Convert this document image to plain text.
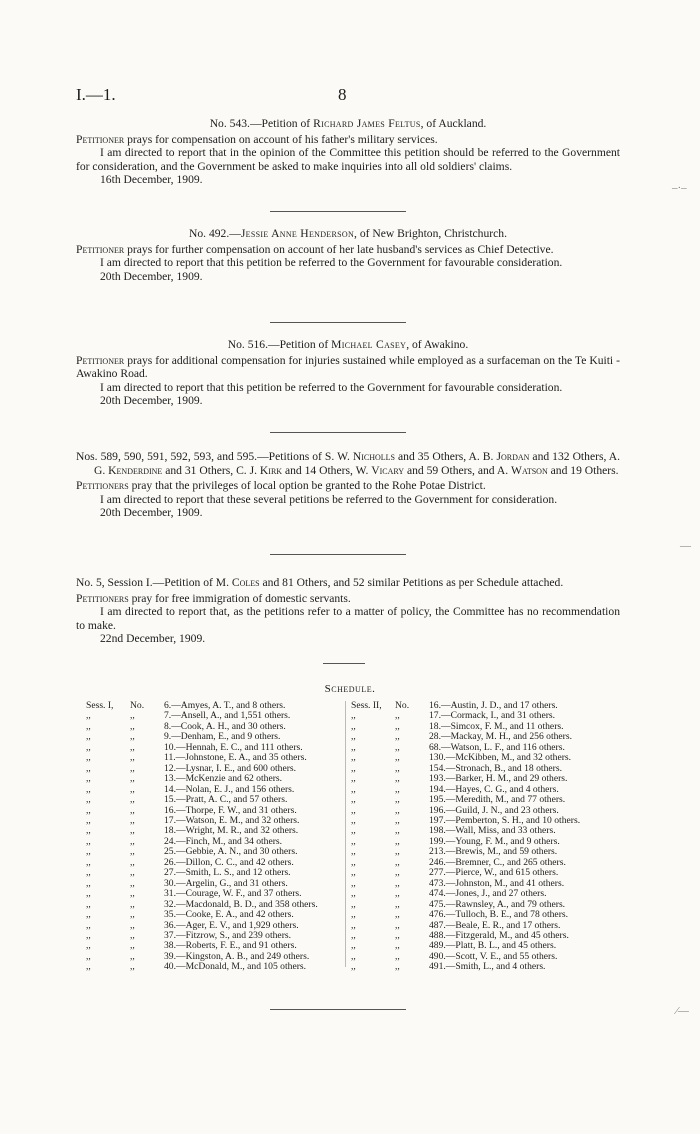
I.—1.	8
No. 543.—Petition of Richard James Feltus, of Auckland.
Petitioner prays for compensation on account of his father's military services.
I am directed to report that in the opinion of the Committee this petition should be referred to the Government for consideration, and the Government be asked to make inquiries into all old soldiers' claims.
16th December, 1909.
No. 492.—Jessie Anne Henderson, of New Brighton, Christchurch.
Petitioner prays for further compensation on account of her late husband's services as Chief Detective.
I am directed to report that this petition be referred to the Government for favourable consideration.
20th December, 1909.
No. 516.—Petition of Michael Casey, of Awakino.
Petitioner prays for additional compensation for injuries sustained while employed as a surfaceman on the Te Kuiti - Awakino Road.
I am directed to report that this petition be referred to the Government for favourable consideration.
20th December, 1909.
Nos. 589, 590, 591, 592, 593, and 595.—Petitions of S. W. Nicholls and 35 Others, A. B. Jordan and 132 Others, A. G. Kenderdine and 31 Others, C. J. Kirk and 14 Others, W. Vicary and 59 Others, and A. Watson and 19 Others.
Petitioners pray that the privileges of local option be granted to the Rohe Potae District.
I am directed to report that these several petitions be referred to the Government for consideration.
20th December, 1909.
No. 5, Session I.—Petition of M. Coles and 81 Others, and 52 similar Petitions as per Schedule attached.
Petitioners pray for free immigration of domestic servants.
I am directed to report that, as the petitions refer to a matter of policy, the Committee has no recommendation to make.
22nd December, 1909.
Schedule.
Sess. I,	No.	6.—Amyes, A. T., and 8 others.
,,	,,	7.—Ansell, A., and 1,551 others.
,,	,,	8.—Cook, A. H., and 30 others.
,,	,,	9.—Denham, E., and 9 others.
,,	,,	10.—Hennah, E. C., and 111 others.
,,	,,	11.—Johnstone, E. A., and 35 others.
,,	,,	12.—Lysnar, I. E., and 600 others.
,,	,,	13.—McKenzie and 62 others.
,,	,,	14.—Nolan, E. J., and 156 others.
,,	,,	15.—Pratt, A. C., and 57 others.
,,	,,	16.—Thorpe, F. W., and 31 others.
,,	,,	17.—Watson, E. M., and 32 others.
,,	,,	18.—Wright, M. R., and 32 others.
,,	,,	24.—Finch, M., and 34 others.
,,	,,	25.—Gebbie, A. N., and 30 others.
,,	,,	26.—Dillon, C. C., and 42 others.
,,	,,	27.—Smith, L. S., and 12 others.
,,	,,	30.—Argelin, G., and 31 others.
,,	,,	31.—Courage, W. F., and 37 others.
,,	,,	32.—Macdonald, B. D., and 358 others.
,,	,,	35.—Cooke, E. A., and 42 others.
,,	,,	36.—Ager, E. V., and 1,929 others.
,,	,,	37.—Fitzrow, S., and 239 others.
,,	,,	38.—Roberts, F. E., and 91 others.
,,	,,	39.—Kingston, A. B., and 249 others.
,,	,,	40.—McDonald, M., and 105 others.
Sess. II,	No.	16.—Austin, J. D., and 17 others.
,,	,,	17.—Cormack, I., and 31 others.
,,	,,	18.—Simcox, F. M., and 11 others.
,,	,,	28.—Mackay, M. H., and 256 others.
,,	,,	68.—Watson, L. F., and 116 others.
,,	,,	130.—McKibben, M., and 32 others.
,,	,,	154.—Stronach, B., and 18 others.
,,	,,	193.—Barker, H. M., and 29 others.
,,	,,	194.—Hayes, C. G., and 4 others.
,,	,,	195.—Meredith, M., and 77 others.
,,	,,	196.—Guild, J. N., and 23 others.
,,	,,	197.—Pemberton, S. H., and 10 others.
,,	,,	198.—Wall, Miss, and 33 others.
,,	,,	199.—Young, F. M., and 9 others.
,,	,,	213.—Brewis, M., and 59 others.
,,	,,	246.—Bremner, C., and 265 others.
,,	,,	277.—Pierce, W., and 615 others.
,,	,,	473.—Johnston, M., and 41 others.
,,	,,	474.—Jones, J., and 27 others.
,,	,,	475.—Rawnsley, A., and 79 others.
,,	,,	476.—Tulloch, B. E., and 78 others.
,,	,,	487.—Beale, E. R., and 17 others.
,,	,,	488.—Fitzgerald, M., and 45 others.
,,	,,	489.—Platt, B. L., and 45 others.
,,	,,	490.—Scott, V. E., and 55 others.
,,	,,	491.—Smith, L., and 4 others.
–·–
—
⁄—
